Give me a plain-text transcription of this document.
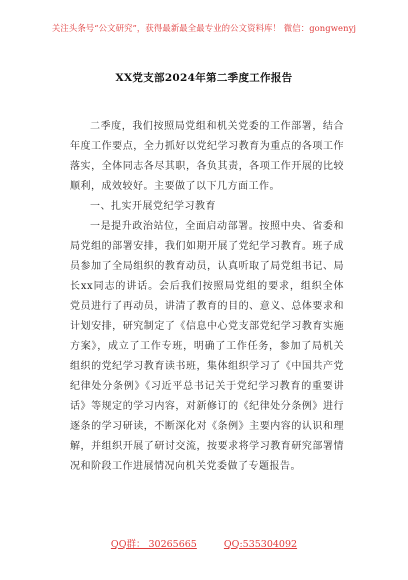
关注头条号“公文研究”，获得最新最全最专业的公文资料库！ 微信：gongwenyj
XX党支部2024年第二季度工作报告

二季度，我们按照局党组和机关党委的工作部署，结合年度工作要点，全力抓好以党纪学习教育为重点的各项工作落实，全体同志各尽其职，各负其责，各项工作开展的比较顺利，成效较好。主要做了以下几方面工作。

一、扎实开展党纪学习教育

一是提升政治站位，全面启动部署。按照中央、省委和局党组的部署安排，我们如期开展了党纪学习教育。班子成员参加了全局组织的教育动员，认真听取了局党组书记、局长xx同志的讲话。会后我们按照局党组的要求，组织全体党员进行了再动员，讲清了教育的目的、意义、总体要求和计划安排，研究制定了《信息中心党支部党纪学习教育实施方案》，成立了工作专班，明确了工作任务，参加了局机关组织的党纪学习教育读书班，集体组织学习了《中国共产党纪律处分条例》《习近平总书记关于党纪学习教育的重要讲话》等规定的学习内容，对新修订的《纪律处分条例》进行逐条的学习研读，不断深化对《条例》主要内容的认识和理解，并组织开展了研讨交流，按要求将学习教育研究部署情况和阶段工作进展情况向机关党委做了专题报告。

QQ群： 30265665	QQ:535304092
